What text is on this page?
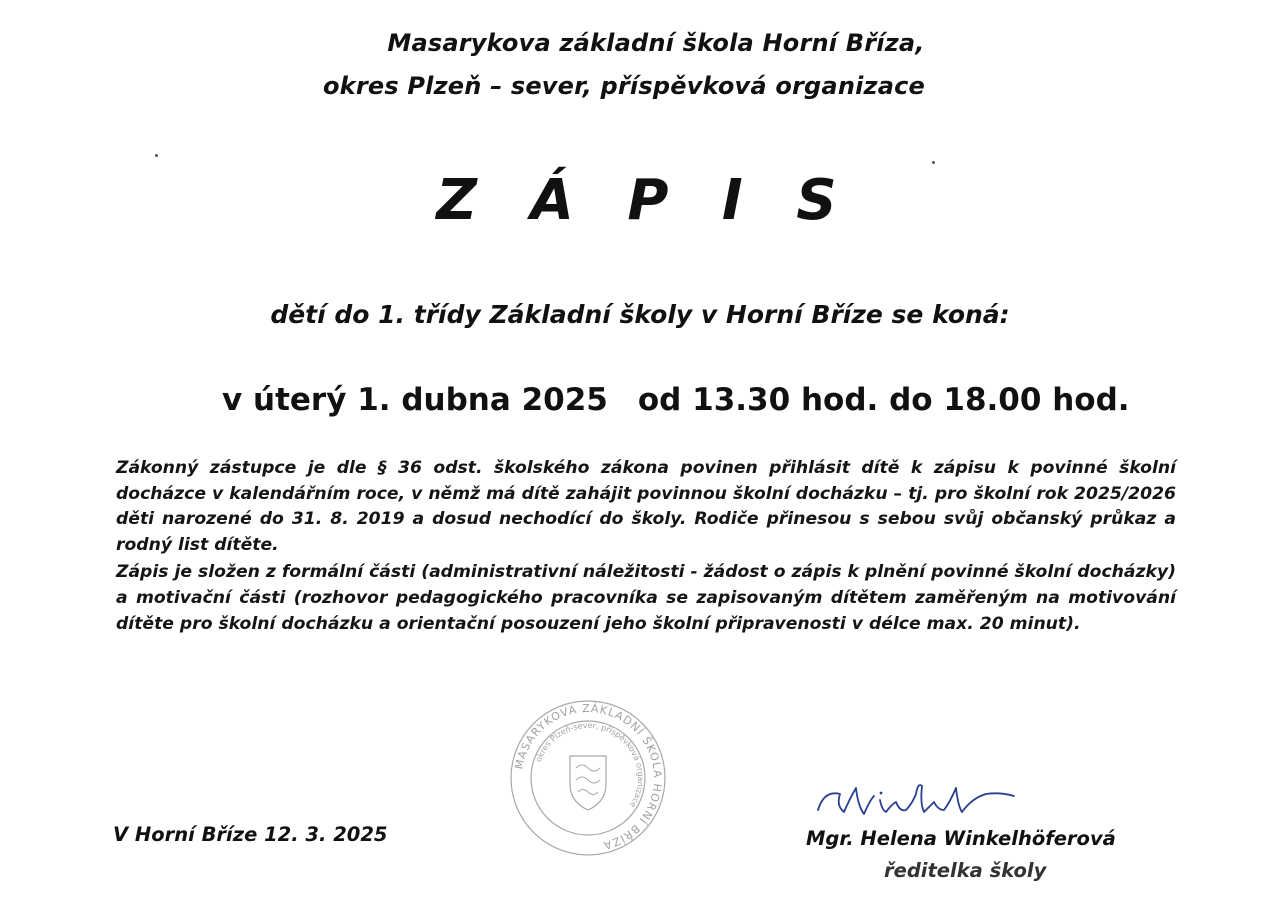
Masarykova základní škola Horní Bříza,
okres Plzeň – sever, příspěvková organizace
Z Á P I S
dětí do 1. třídy Základní školy v Horní Bříze se koná:
v úterý 1. dubna 2025 od 13.30 hod. do 18.00 hod.

Zákonný zástupce je dle § 36 odst. školského zákona povinen přihlásit dítě k zápisu k povinné školní docházce v kalendářním roce, v němž má dítě zahájit povinnou školní docházku – tj. pro školní rok 2025/2026 děti narozené do 31. 8. 2019 a dosud nechodící do školy. Rodiče přinesou s sebou svůj občanský průkaz a rodný list dítěte.

Zápis je složen z formální části (administrativní náležitosti - žádost o zápis k plnění povinné školní docházky) a motivační části (rozhovor pedagogického pracovníka se zapisovaným dítětem zaměřeným na motivování dítěte pro školní docházku a orientační posouzení jeho školní připravenosti v délce max. 20 minut).

MASARYKOVA ZÁKLADNÍ ŠKOLA HORNÍ BŘÍZA
okres Plzeň-sever, příspěvková organizace
V Horní Bříze 12. 3. 2025	Mgr. Helena Winkelhöferová
ředitelka školy
